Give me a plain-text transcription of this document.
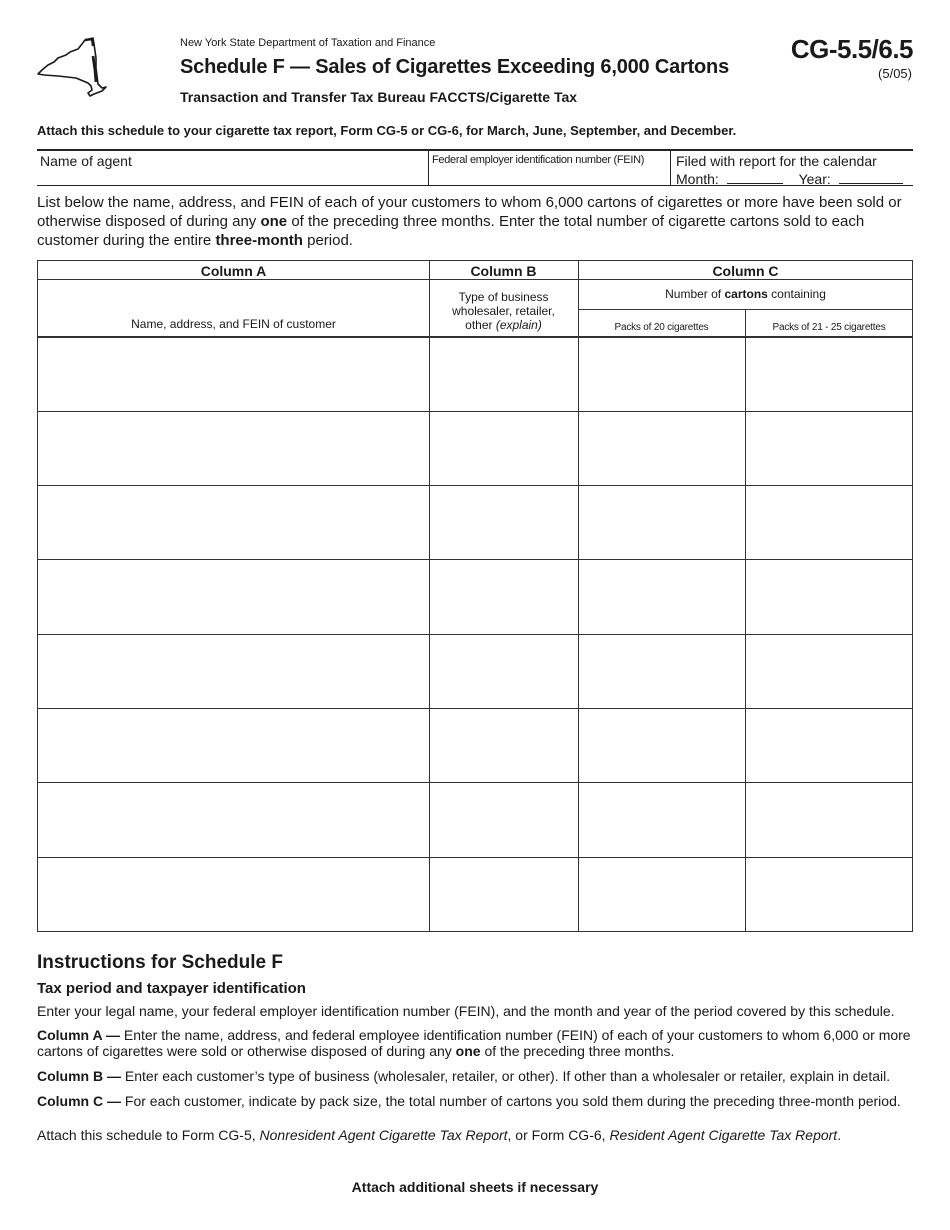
New York State Department of Taxation and Finance
Schedule F — Sales of Cigarettes Exceeding 6,000 Cartons
Transaction and Transfer Tax Bureau FACCTS/Cigarette Tax
CG-5.5/6.5
(5/05)
Attach this schedule to your cigarette tax report, Form CG-5 or CG-6, for March, June, September, and December.
Name of agent	Federal employer identification number (FEIN)	Filed with report for the calendar
Month:	Year:
List below the name, address, and FEIN of each of your customers to whom 6,000 cartons of cigarettes or more have been sold or otherwise disposed of during any one of the preceding three months. Enter the total number of cigarette cartons sold to each customer during the entire three-month period.
Column A	Column B	Column C
Name, address, and FEIN of customer
Type of business
wholesaler, retailer,
other (explain)
Number of cartons containing
Packs of 20 cigarettes	Packs of 21 - 25 cigarettes
Instructions for Schedule F
Tax period and taxpayer identification
Enter your legal name, your federal employer identification number (FEIN), and the month and year of the period covered by this schedule.
Column A — Enter the name, address, and federal employee identification number (FEIN) of each of your customers to whom 6,000 or more cartons of cigarettes were sold or otherwise disposed of during any one of the preceding three months.
Column B — Enter each customer’s type of business (wholesaler, retailer, or other). If other than a wholesaler or retailer, explain in detail.
Column C — For each customer, indicate by pack size, the total number of cartons you sold them during the preceding three-month period.
Attach this schedule to Form CG-5, Nonresident Agent Cigarette Tax Report, or Form CG-6, Resident Agent Cigarette Tax Report.
Attach additional sheets if necessary
